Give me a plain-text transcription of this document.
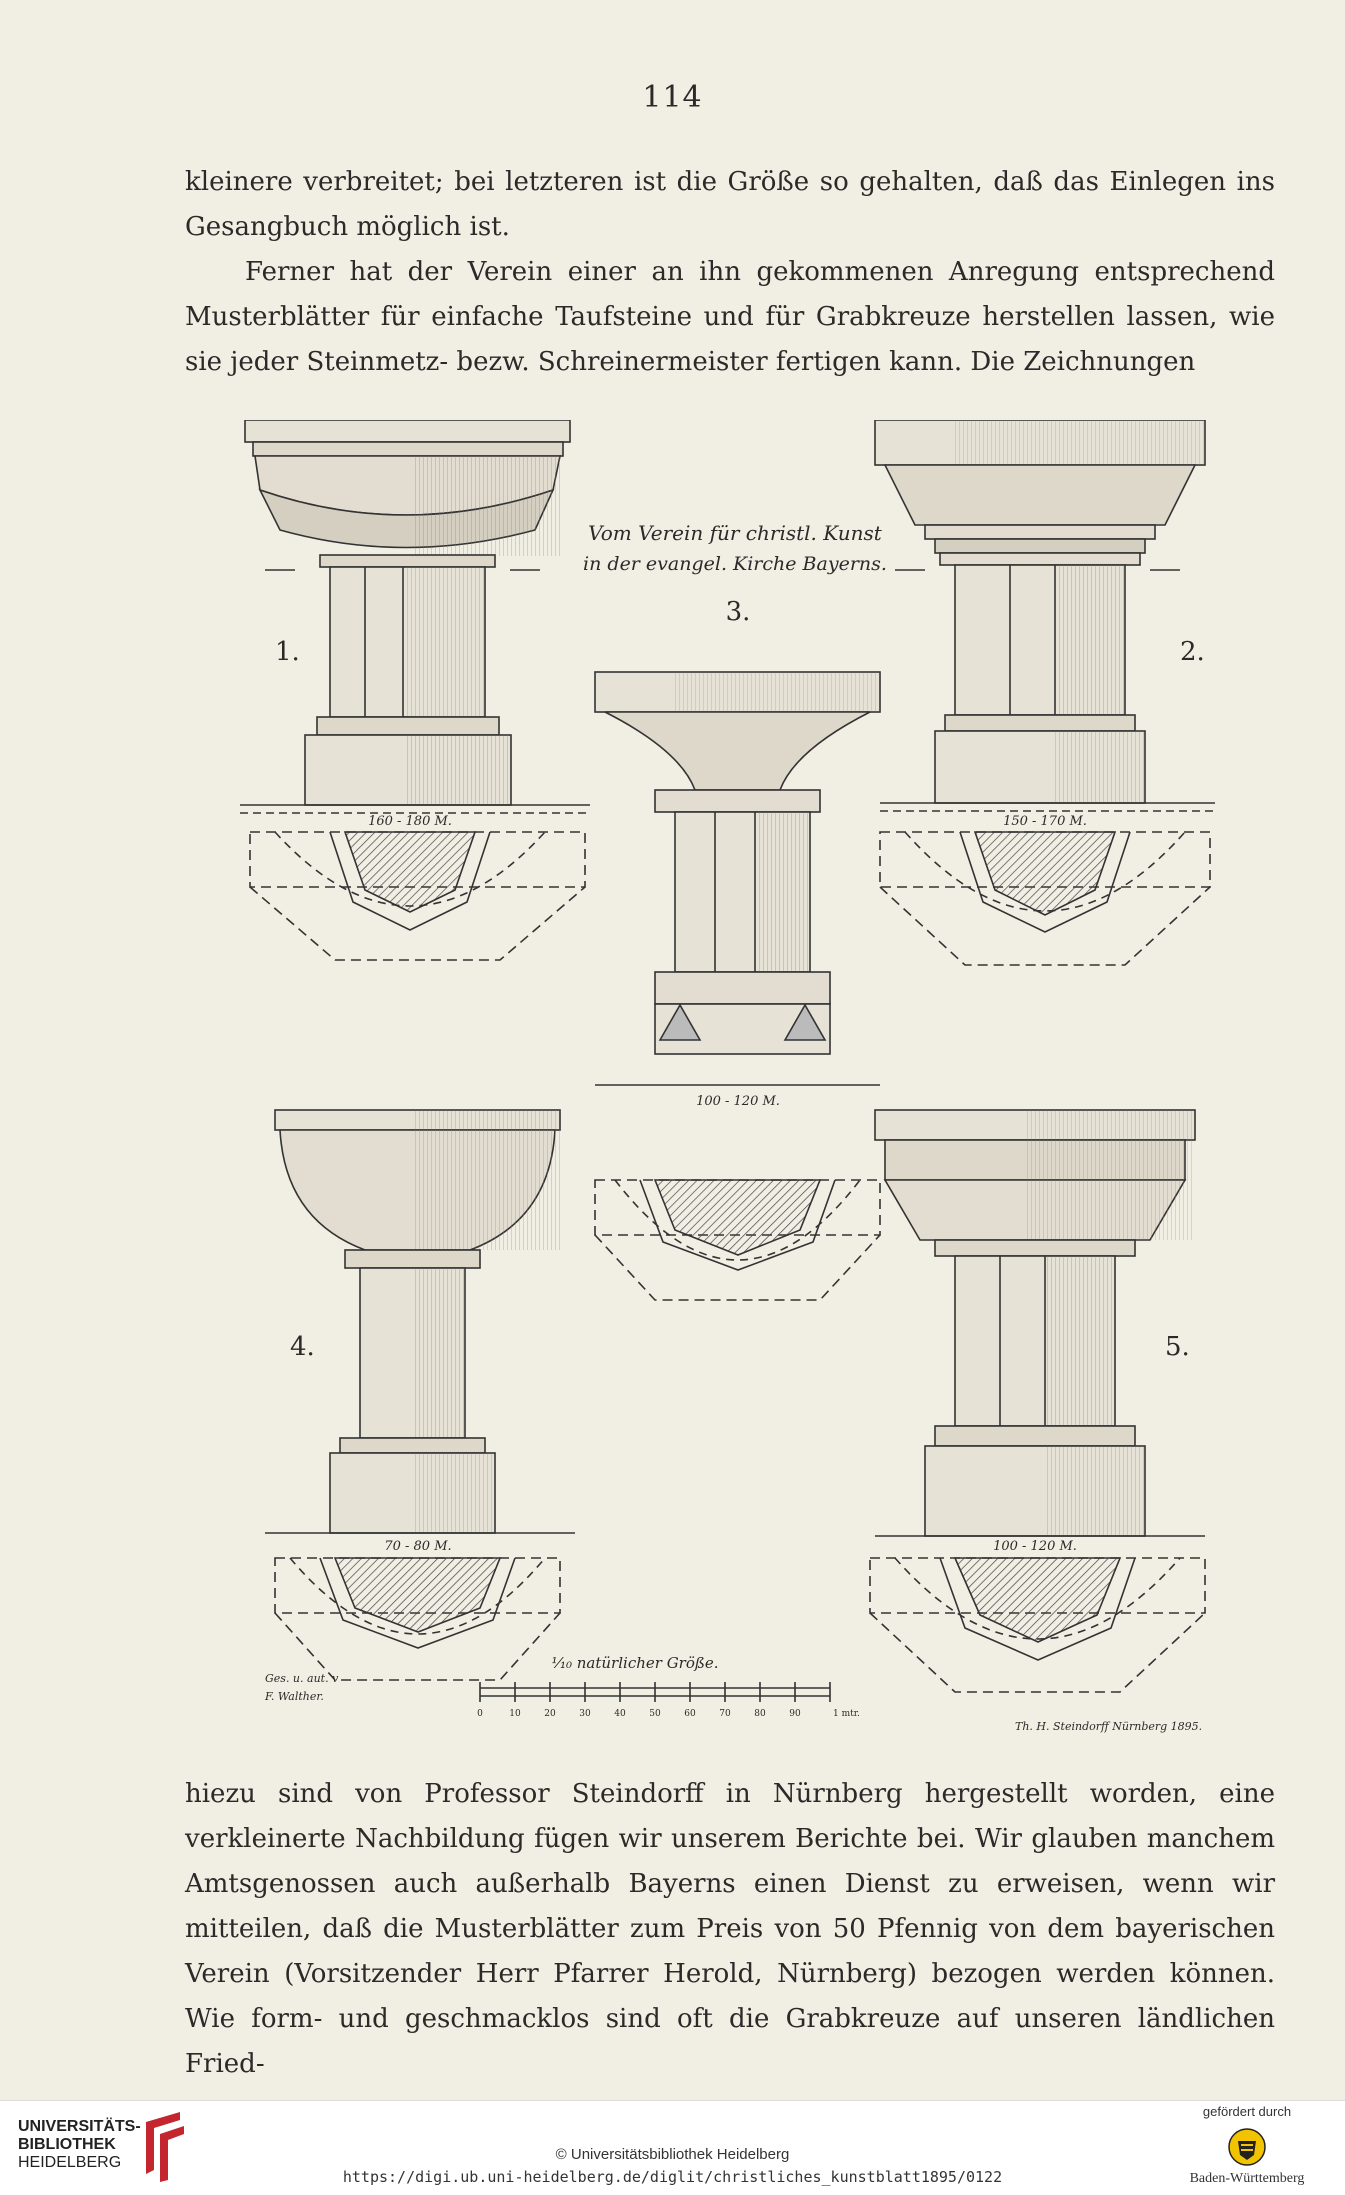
114

kleinere verbreitet; bei letzteren ist die Größe so gehalten, daß das Einlegen ins Gesangbuch möglich ist.

Ferner hat der Verein einer an ihn gekommenen Anregung entsprechend Musterblätter für einfache Taufsteine und für Grabkreuze herstellen lassen, wie sie jeder Steinmetz- bezw. Schreinermeister fertigen kann. Die Zeichnungen

Vom Verein für christl. Kunst
in der evangel. Kirche Bayerns.
3.
1.	2.
4.	5.
160 - 180 M.	150 - 170 M.
100 - 120 M.
70 - 80 M.	100 - 120 M.
⅒ natürlicher Größe.
0	10	20	30	40	50	60	70	80	90	1 mtr.
Ges. u. aut. v
F. Walther.
Th. H. Steindorff Nürnberg 1895.

hiezu sind von Professor Steindorff in Nürnberg hergestellt worden, eine verkleinerte Nachbildung fügen wir unserem Berichte bei. Wir glauben manchem Amtsgenossen auch außerhalb Bayerns einen Dienst zu erweisen, wenn wir mitteilen, daß die Musterblätter zum Preis von 50 Pfennig von dem bayerischen Verein (Vorsitzender Herr Pfarrer Herold, Nürnberg) bezogen werden können. Wie form- und geschmacklos sind oft die Grabkreuze auf unseren ländlichen Fried-

UNIVERSITÄTS-
BIBLIOTHEK
HEIDELBERG	© Universitätsbibliothek Heidelberg
https://digi.ub.uni-heidelberg.de/diglit/christliches_kunstblatt1895/0122
gefördert durch
Baden-Württemberg
